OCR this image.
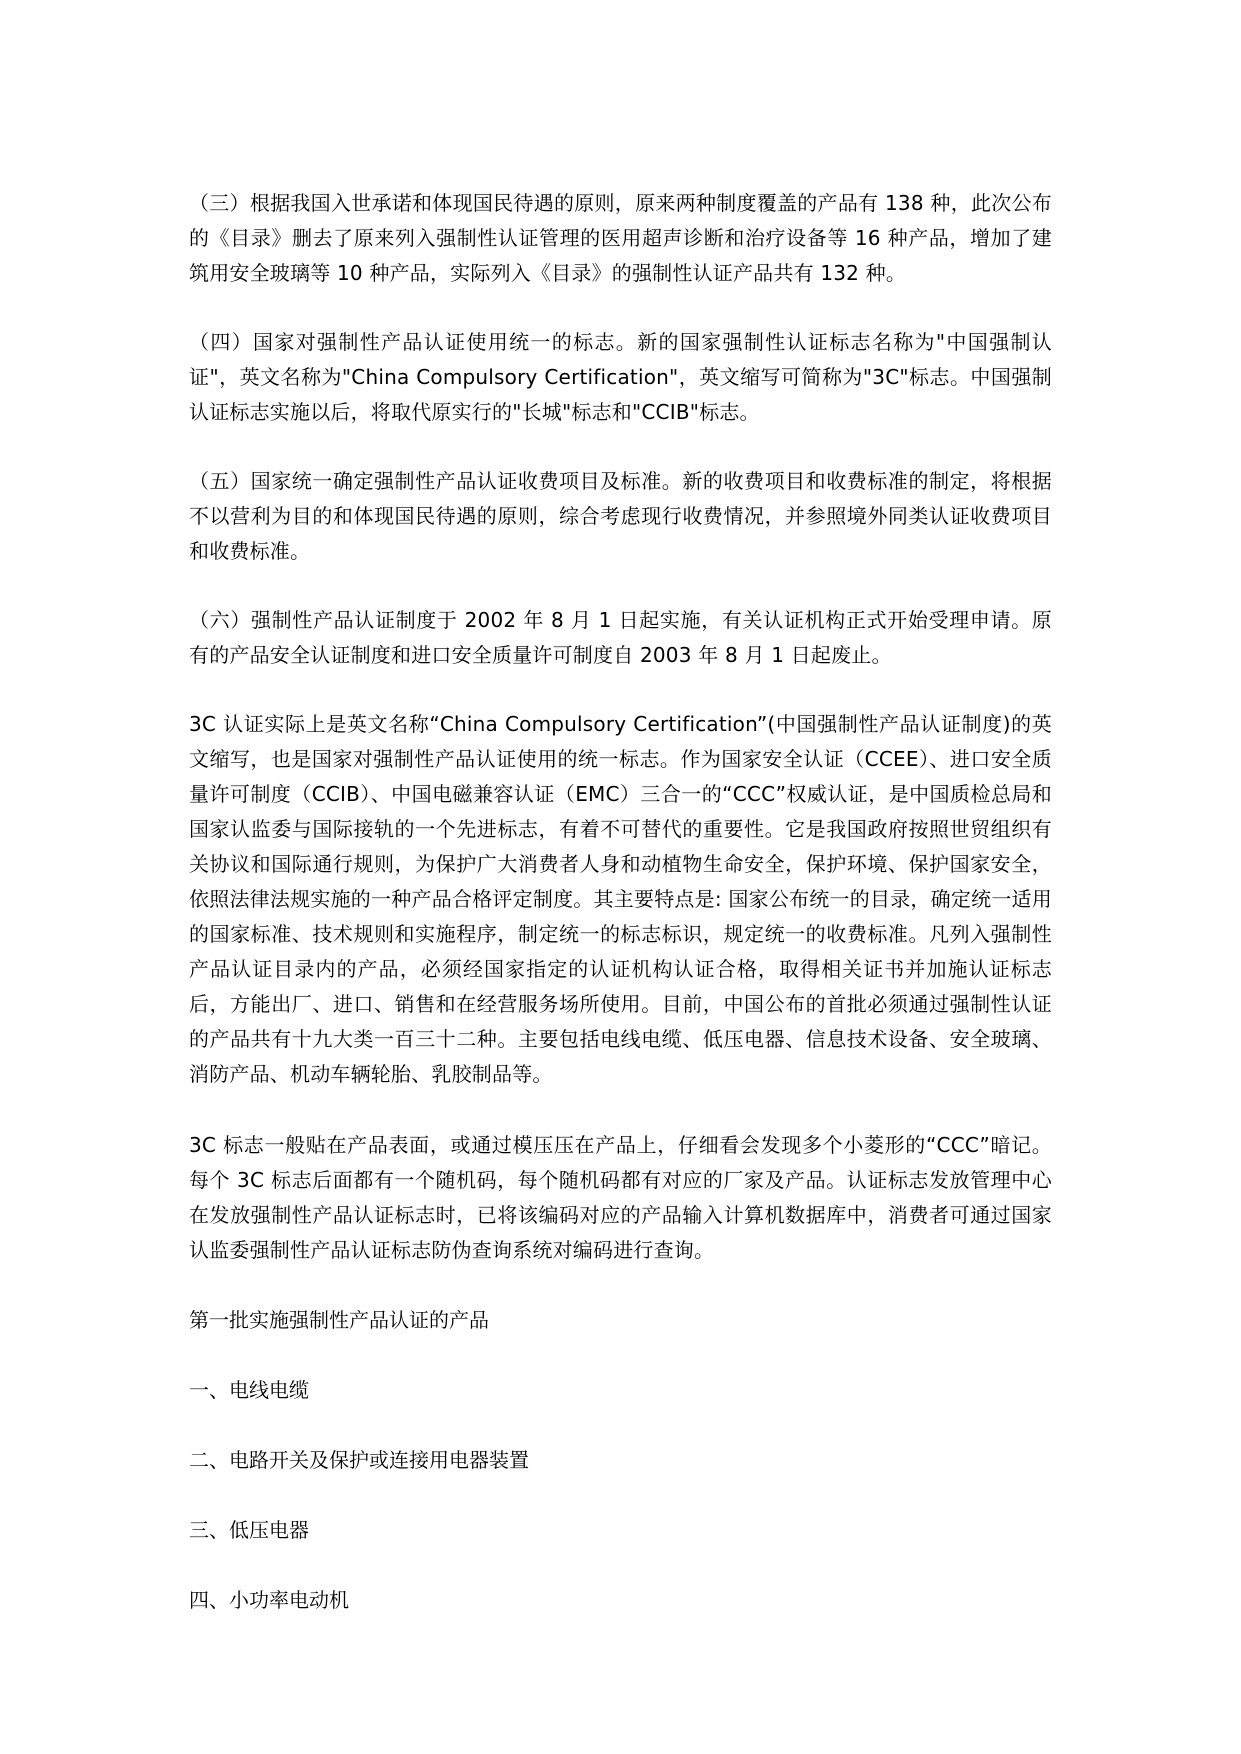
（三）根据我国入世承诺和体现国民待遇的原则，原来两种制度覆盖的产品有 138 种，此次公布的《目录》删去了原来列入强制性认证管理的医用超声诊断和治疗设备等 16 种产品，增加了建筑用安全玻璃等 10 种产品，实际列入《目录》的强制性认证产品共有 132 种。

（四）国家对强制性产品认证使用统一的标志。新的国家强制性认证标志名称为"中国强制认证"，英文名称为"China Compulsory Certification"，英文缩写可简称为"3C"标志。中国强制认证标志实施以后，将取代原实行的"长城"标志和"CCIB"标志。

（五）国家统一确定强制性产品认证收费项目及标准。新的收费项目和收费标准的制定，将根据不以营利为目的和体现国民待遇的原则，综合考虑现行收费情况，并参照境外同类认证收费项目和收费标准。

（六）强制性产品认证制度于 2002 年 8 月 1 日起实施，有关认证机构正式开始受理申请。原有的产品安全认证制度和进口安全质量许可制度自 2003 年 8 月 1 日起废止。

3C 认证实际上是英文名称“China Compulsory Certification”(中国强制性产品认证制度)的英文缩写，也是国家对强制性产品认证使用的统一标志。作为国家安全认证（CCEE）、进口安全质量许可制度（CCIB）、中国电磁兼容认证（EMC）三合一的“CCC”权威认证，是中国质检总局和国家认监委与国际接轨的一个先进标志，有着不可替代的重要性。它是我国政府按照世贸组织有关协议和国际通行规则，为保护广大消费者人身和动植物生命安全，保护环境、保护国家安全，依照法律法规实施的一种产品合格评定制度。其主要特点是: 国家公布统一的目录，确定统一适用的国家标准、技术规则和实施程序，制定统一的标志标识，规定统一的收费标准。凡列入强制性产品认证目录内的产品，必须经国家指定的认证机构认证合格，取得相关证书并加施认证标志后，方能出厂、进口、销售和在经营服务场所使用。目前，中国公布的首批必须通过强制性认证的产品共有十九大类一百三十二种。主要包括电线电缆、低压电器、信息技术设备、安全玻璃、消防产品、机动车辆轮胎、乳胶制品等。

3C 标志一般贴在产品表面，或通过模压压在产品上，仔细看会发现多个小菱形的“CCC”暗记。每个 3C 标志后面都有一个随机码，每个随机码都有对应的厂家及产品。认证标志发放管理中心在发放强制性产品认证标志时，已将该编码对应的产品输入计算机数据库中，消费者可通过国家认监委强制性产品认证标志防伪查询系统对编码进行查询。

第一批实施强制性产品认证的产品

一、电线电缆

二、电路开关及保护或连接用电器装置

三、低压电器

四、小功率电动机
